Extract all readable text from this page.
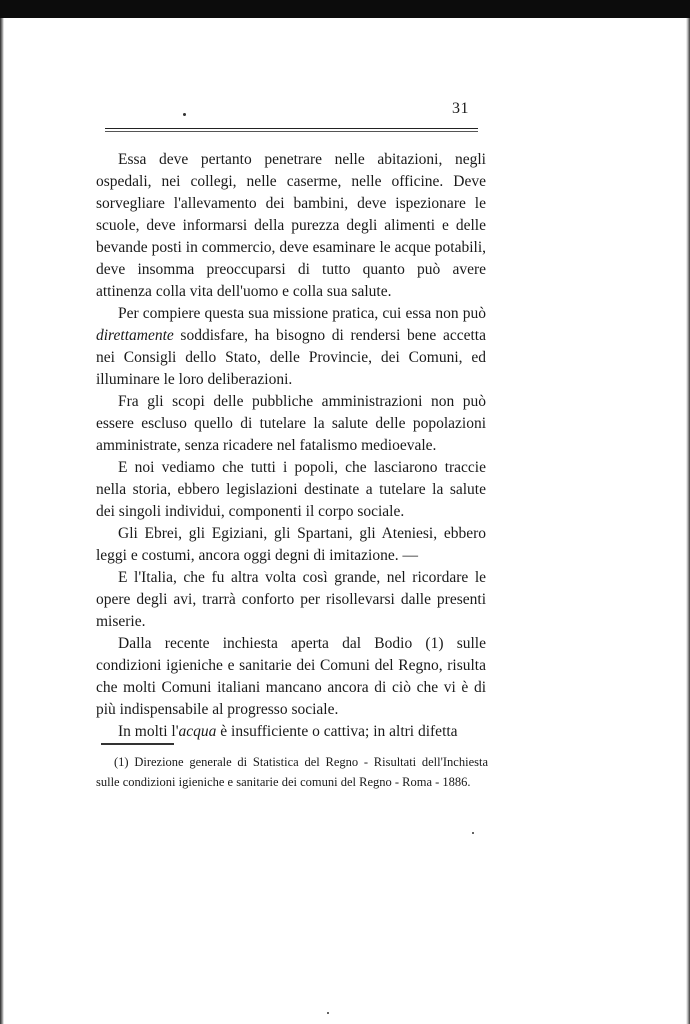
31

Essa deve pertanto penetrare nelle abitazioni, negli ospedali, nei collegi, nelle caserme, nelle officine. Deve sorvegliare l'allevamento dei bambini, deve ispezionare le scuole, deve informarsi della purezza degli alimenti e delle bevande posti in commercio, deve esaminare le acque potabili, deve insomma preoccuparsi di tutto quanto può avere attinenza colla vita dell'uomo e colla sua salute.

Per compiere questa sua missione pratica, cui essa non può direttamente soddisfare, ha bisogno di rendersi bene accetta nei Consigli dello Stato, delle Provincie, dei Comuni, ed illuminare le loro deliberazioni.

Fra gli scopi delle pubbliche amministrazioni non può essere escluso quello di tutelare la salute delle popolazioni amministrate, senza ricadere nel fatalismo medioevale.

E noi vediamo che tutti i popoli, che lasciarono traccie nella storia, ebbero legislazioni destinate a tutelare la salute dei singoli individui, componenti il corpo sociale.

Gli Ebrei, gli Egiziani, gli Spartani, gli Ateniesi, ebbero leggi e costumi, ancora oggi degni di imitazione. —

E l'Italia, che fu altra volta così grande, nel ricordare le opere degli avi, trarrà conforto per risollevarsi dalle presenti miserie.

Dalla recente inchiesta aperta dal Bodio (1) sulle condizioni igieniche e sanitarie dei Comuni del Regno, risulta che molti Comuni italiani mancano ancora di ciò che vi è di più indispensabile al progresso sociale.

In molti l'acqua è insufficiente o cattiva; in altri difetta

(1) Direzione generale di Statistica del Regno - Risultati dell'Inchiesta sulle condizioni igieniche e sanitarie dei comuni del Regno - Roma - 1886.
